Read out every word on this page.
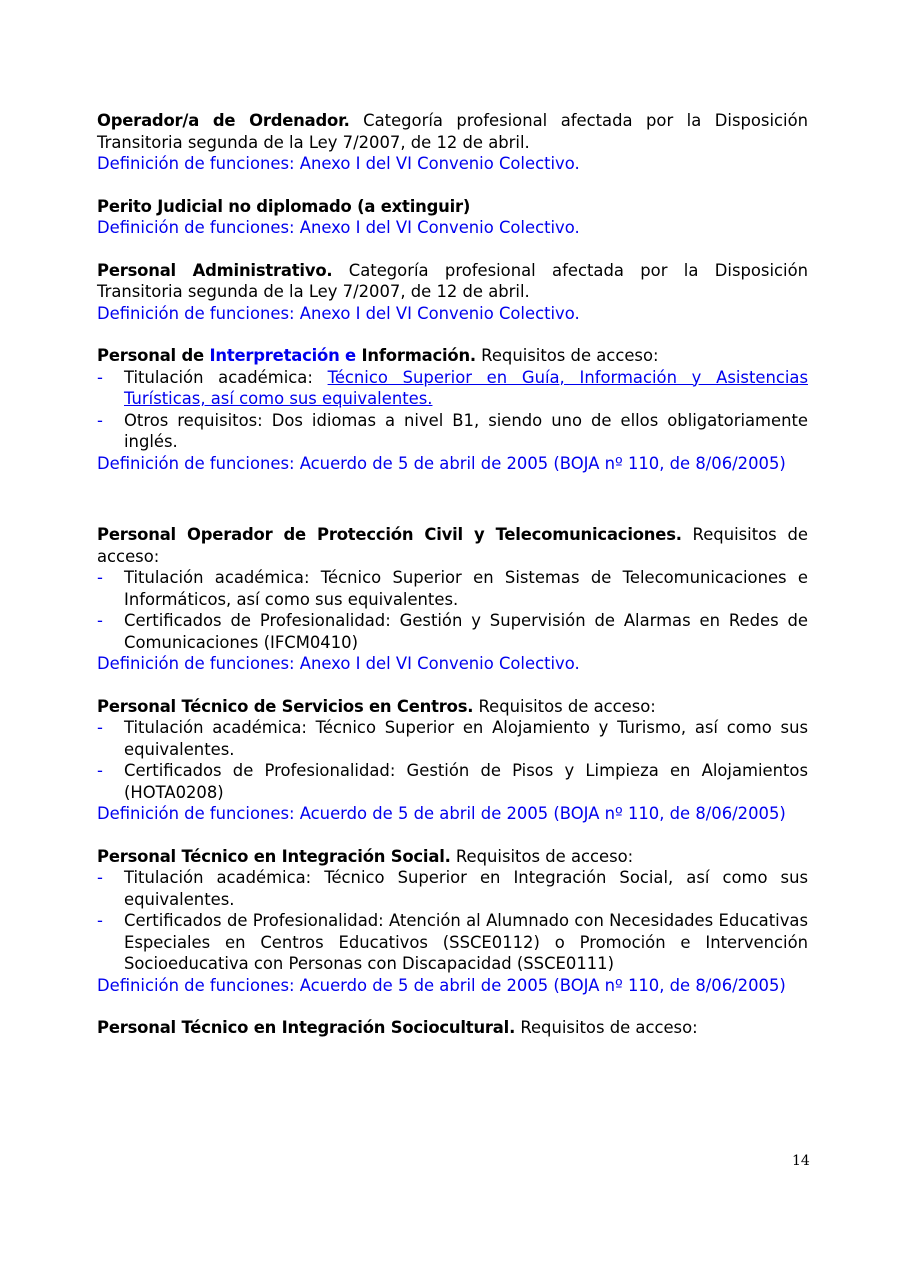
Operador/a de Ordenador. Categoría profesional afectada por la Disposición Transitoria segunda de la Ley 7/2007, de 12 de abril.

Definición de funciones: Anexo I del VI Convenio Colectivo.

Perito Judicial no diplomado (a extinguir)

Definición de funciones: Anexo I del VI Convenio Colectivo.

Personal Administrativo. Categoría profesional afectada por la Disposición Transitoria segunda de la Ley 7/2007, de 12 de abril.

Definición de funciones: Anexo I del VI Convenio Colectivo.

Personal de Interpretación e Información. Requisitos de acceso:

- Titulación académica: Técnico Superior en Guía, Información y Asistencias Turísticas, así como sus equivalentes.
- Otros requisitos: Dos idiomas a nivel B1, siendo uno de ellos obligatoriamente inglés.

Definición de funciones: Acuerdo de 5 de abril de 2005 (BOJA nº 110, de 8/06/2005)

Personal Operador de Protección Civil y Telecomunicaciones. Requisitos de acceso:

- Titulación académica: Técnico Superior en Sistemas de Telecomunicaciones e Informáticos, así como sus equivalentes.
- Certificados de Profesionalidad: Gestión y Supervisión de Alarmas en Redes de Comunicaciones (IFCM0410)

Definición de funciones: Anexo I del VI Convenio Colectivo.

Personal Técnico de Servicios en Centros. Requisitos de acceso:

- Titulación académica: Técnico Superior en Alojamiento y Turismo, así como sus equivalentes.
- Certificados de Profesionalidad: Gestión de Pisos y Limpieza en Alojamientos (HOTA0208)

Definición de funciones: Acuerdo de 5 de abril de 2005 (BOJA nº 110, de 8/06/2005)

Personal Técnico en Integración Social. Requisitos de acceso:

- Titulación académica: Técnico Superior en Integración Social, así como sus equivalentes.
- Certificados de Profesionalidad: Atención al Alumnado con Necesidades Educativas Especiales en Centros Educativos (SSCE0112) o Promoción e Intervención Socioeducativa con Personas con Discapacidad (SSCE0111)

Definición de funciones: Acuerdo de 5 de abril de 2005 (BOJA nº 110, de 8/06/2005)

Personal Técnico en Integración Sociocultural. Requisitos de acceso:

14
